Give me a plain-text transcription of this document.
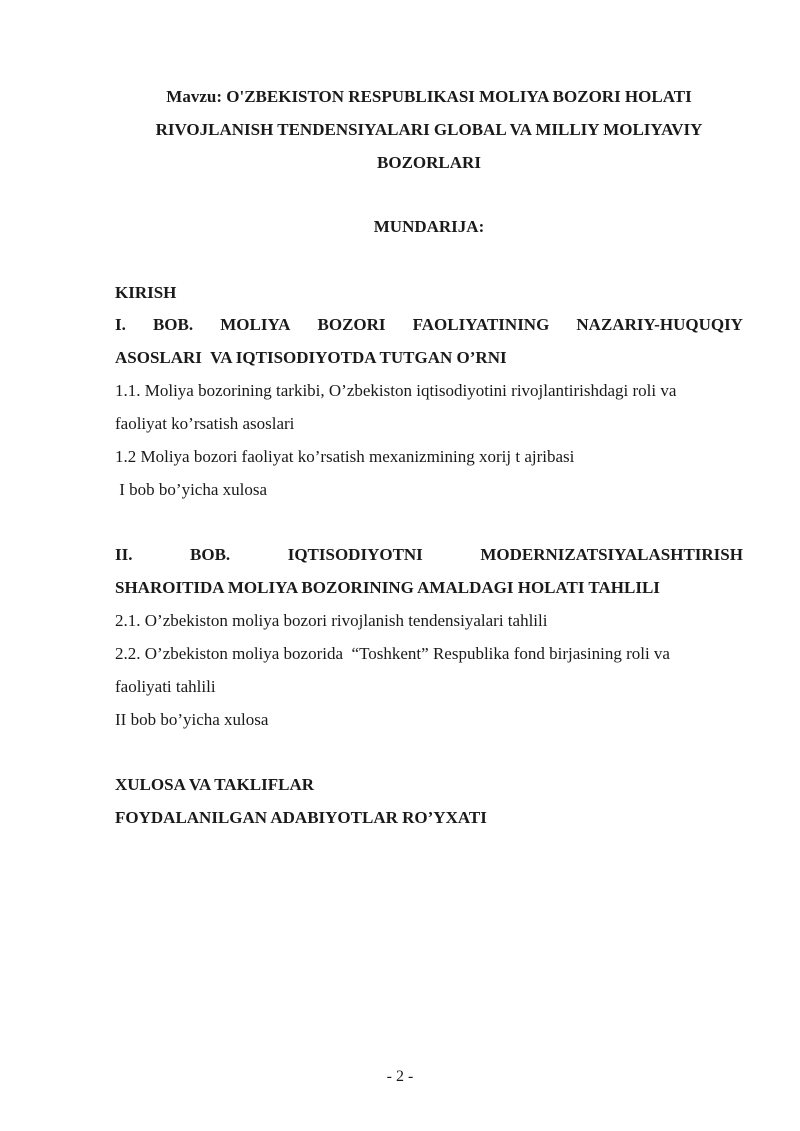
Mavzu: O'ZBEKISTON RESPUBLIKASI MOLIYA BOZORI HOLATI RIVOJLANISH TENDENSIYALARI GLOBAL VA MILLIY MOLIYAVIY BOZORLARI
MUNDARIJA:
KIRISH
I. BOB. MOLIYA BOZORI FAOLIYATINING NAZARIY-HUQUQIY
ASOSLARI  VA IQTISODIYOTDA TUTGAN O’RNI
1.1. Moliya bozorining tarkibi, O’zbekiston iqtisodiyotini rivojlantirishdagi roli va
faoliyat ko’rsatish asoslari
1.2 Moliya bozori faoliyat ko’rsatish mexanizmining xorij t ajribasi
I bob bo’yicha xulosa
II.	BOB.	IQTISODIYOTNI	MODERNIZATSIYALASHTIRISH
SHAROITIDA MOLIYA BOZORINING AMALDAGI HOLATI TAHLILI
2.1. O’zbekiston moliya bozori rivojlanish tendensiyalari tahlili
2.2. O’zbekiston moliya bozorida  “Toshkent” Respublika fond birjasining roli va
faoliyati tahlili
II bob bo’yicha xulosa
XULOSA VA TAKLIFLAR
FOYDALANILGAN ADABIYOTLAR RO’YXATI
- 2 -
